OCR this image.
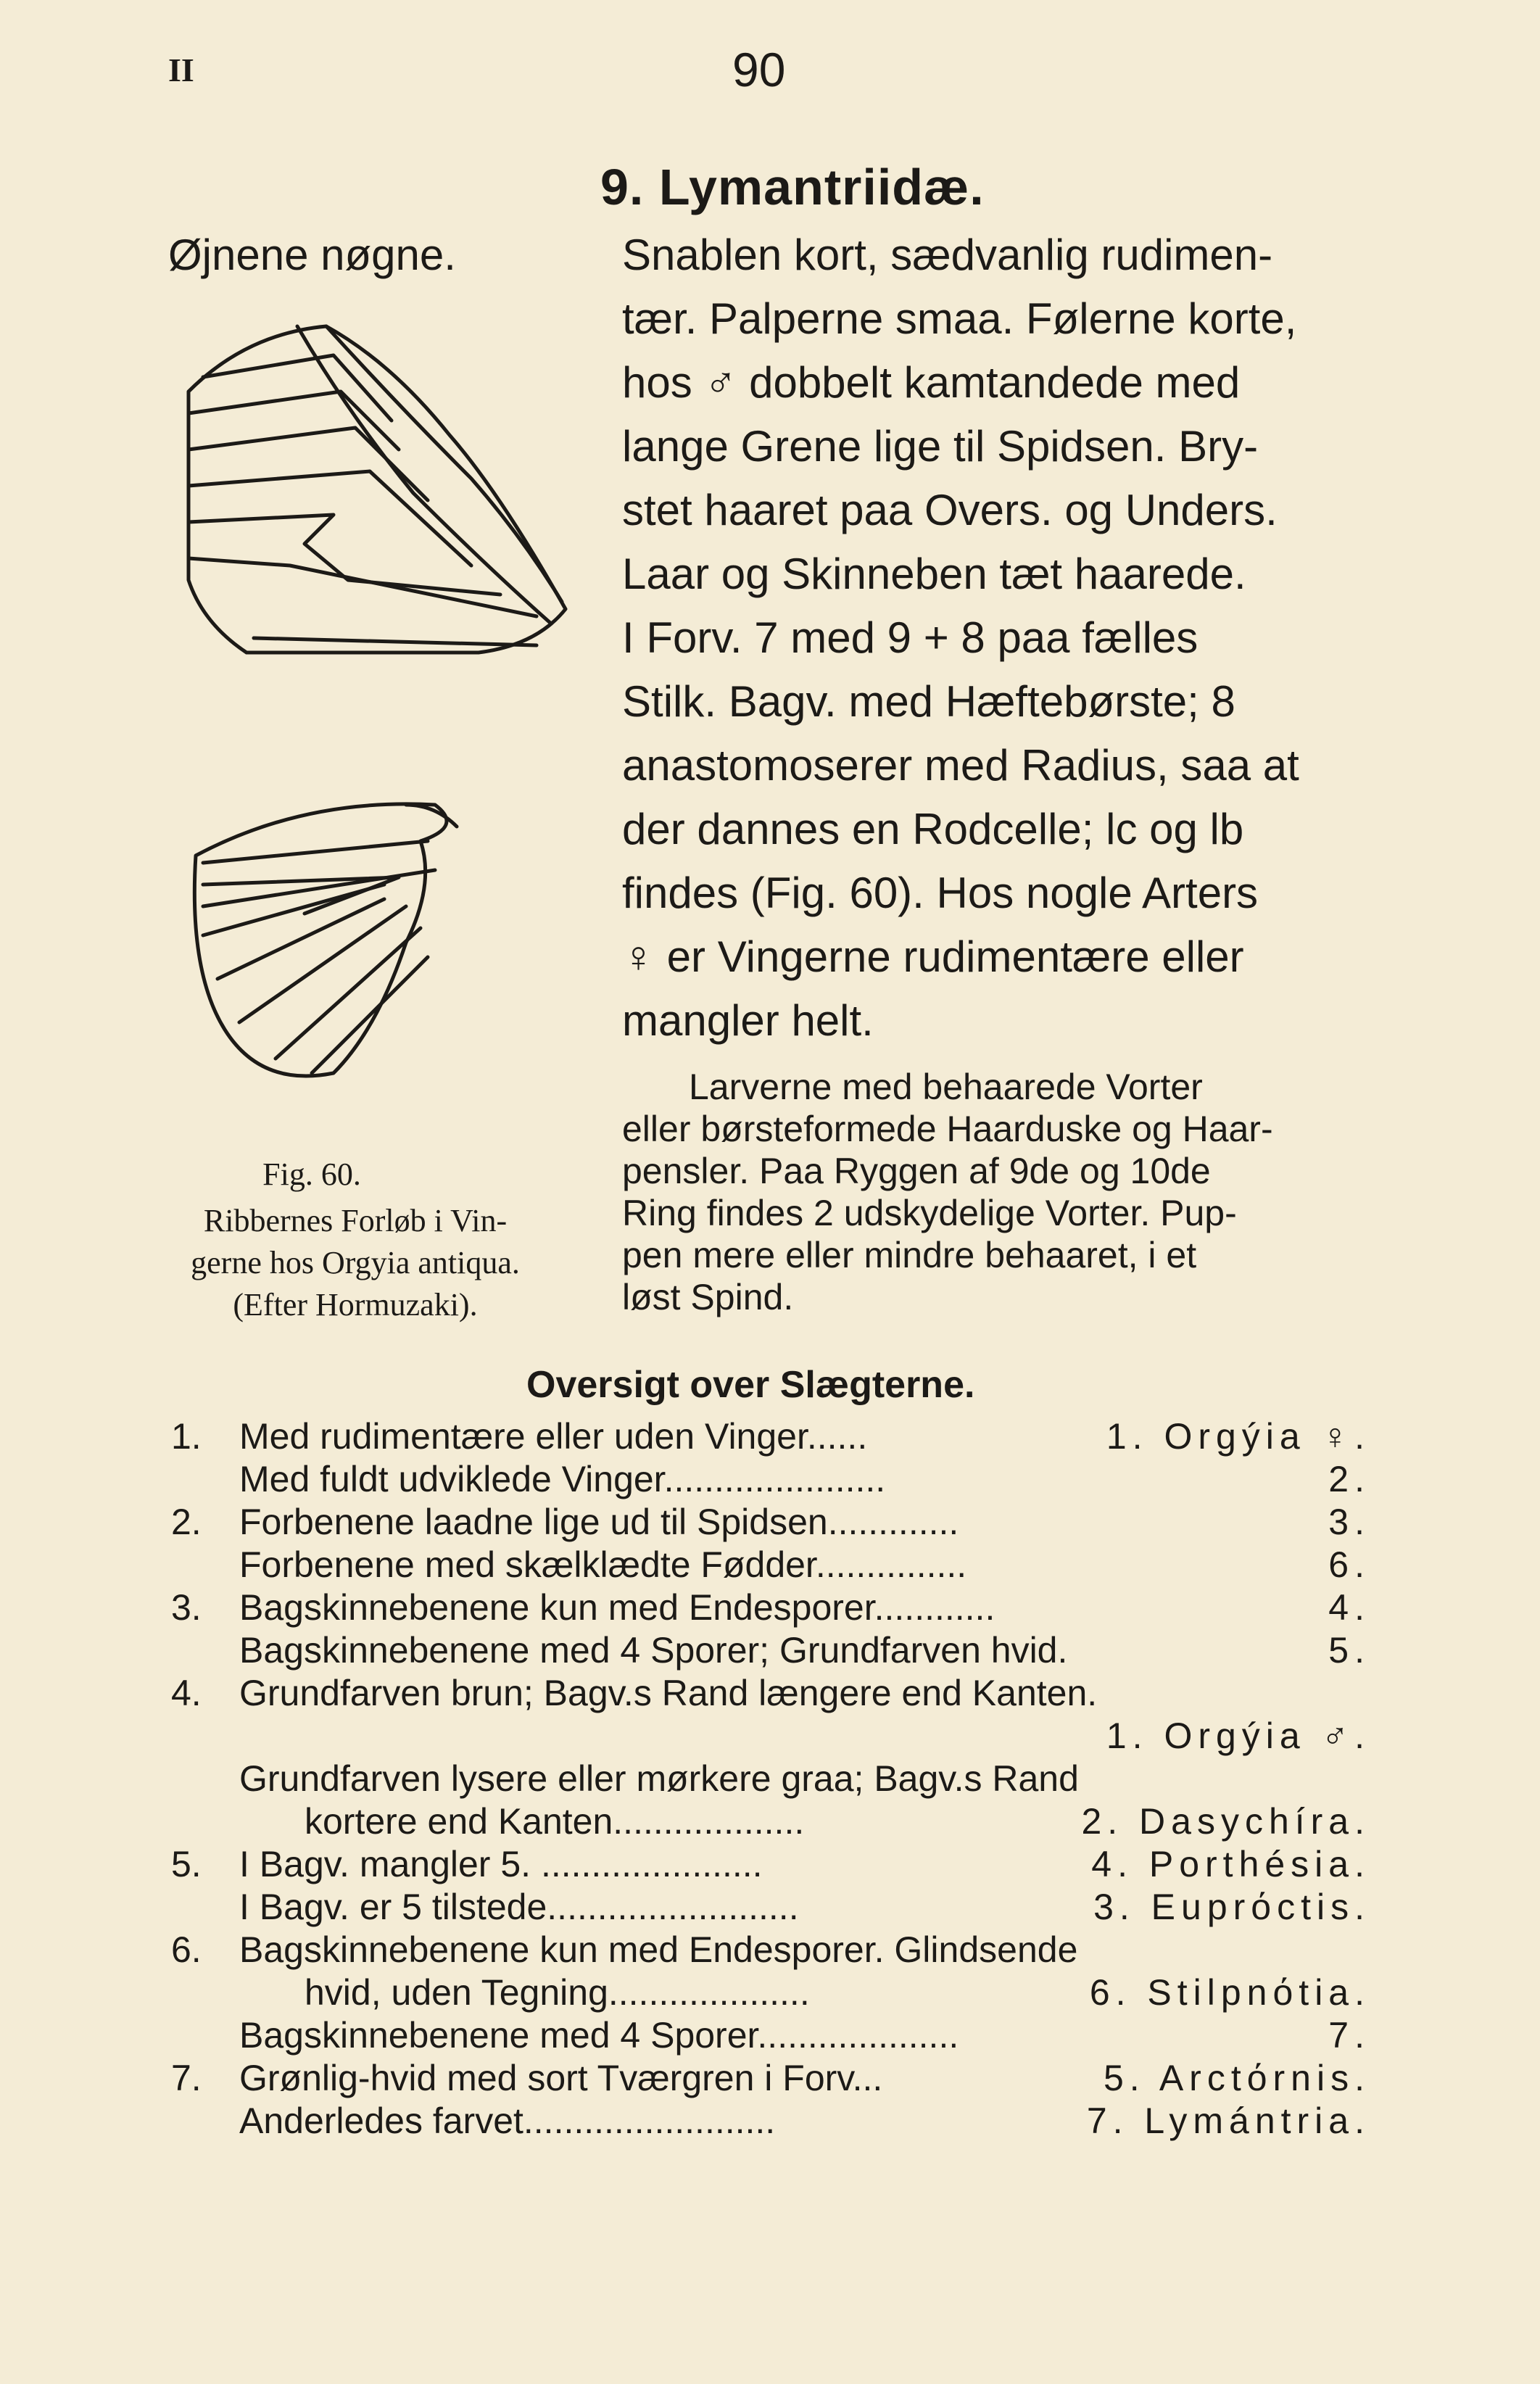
II	90
9. Lymantriidæ.
Øjnene nøgne.	Snablen kort, sædvanlig rudimen-
tær. Palperne smaa. Følerne korte,
hos ♂ dobbelt kamtandede med
lange Grene lige til Spidsen. Bry-
stet haaret paa Overs. og Unders.
Laar og Skinneben tæt haarede.
I Forv. 7 med 9 + 8 paa fælles
Stilk. Bagv. med Hæftebørste; 8
anastomoserer med Radius, saa at
der dannes en Rodcelle; lc og lb
findes (Fig. 60). Hos nogle Arters
♀ er Vingerne rudimentære eller
mangler helt.
Larverne med behaarede Vorter
eller børsteformede Haarduske og Haar-
pensler. Paa Ryggen af 9de og 10de
Ring findes 2 udskydelige Vorter. Pup-
pen mere eller mindre behaaret, i et
løst Spind.
Fig. 60.
Ribbernes Forløb i Vin-
gerne hos Orgyia antiqua.
(Efter Hormuzaki).
Oversigt over Slægterne.
1. Med rudimentære eller uden Vinger......	1. Orgýia ♀.
Med fuldt udviklede Vinger......................	2.
2. Forbenene laadne lige ud til Spidsen.............	3.
Forbenene med skælklædte Fødder...............	6.
3. Bagskinnebenene kun med Endesporer............	4.
Bagskinnebenene med 4 Sporer; Grundfarven hvid.	5.
4. Grundfarven brun; Bagv.s Rand længere end Kanten.
1. Orgýia ♂.
Grundfarven lysere eller mørkere graa; Bagv.s Rand
kortere end Kanten...................	2. Dasychíra.
5. I Bagv. mangler 5. ......................	4. Porthésia.
I Bagv. er 5 tilstede.........................	3. Euprόctis.
6. Bagskinnebenene kun med Endesporer. Glindsende
hvid, uden Tegning....................	6. Stilpnόtia.
Bagskinnebenene med 4 Sporer....................	7.
7. Grønlig-hvid med sort Tværgren i Forv...	5. Arctόrnis.
Anderledes farvet.........................	7. Lymántria.
